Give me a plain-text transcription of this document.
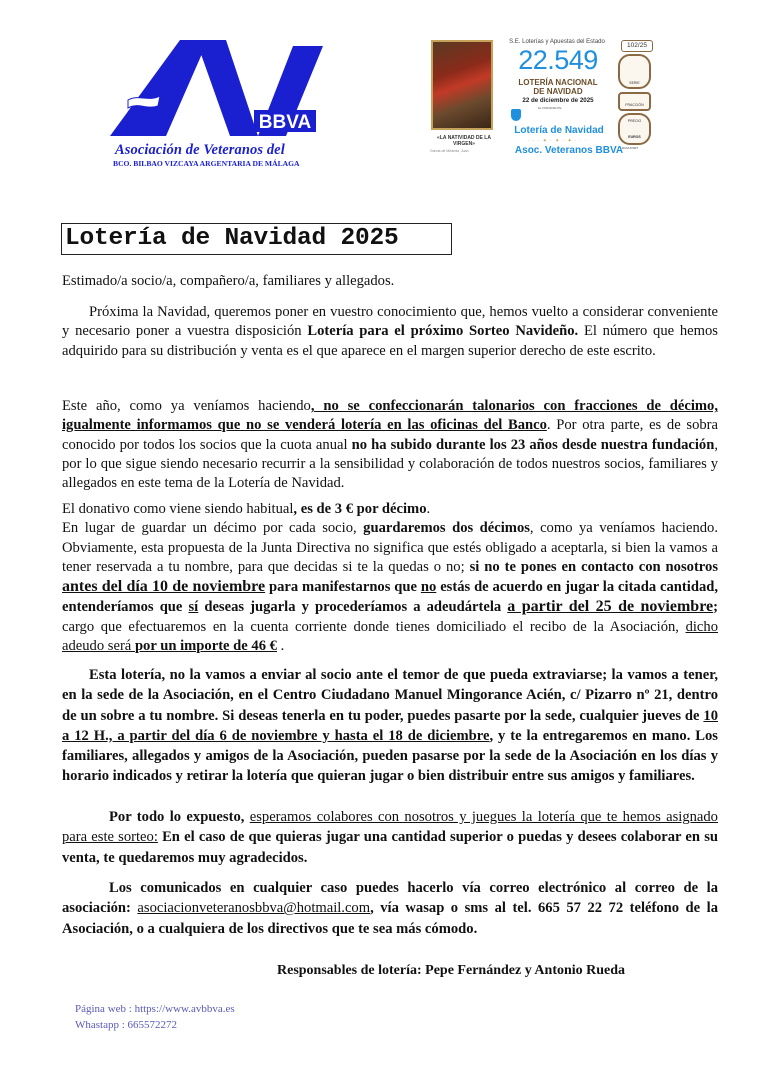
BBVA
Asociación de Veteranos del
BCO. BILBAO VIZCAYA ARGENTARIA DE MÁLAGA
«LA NATIVIDAD DE LA VIRGEN»
García de Miranda, Juan
S.E. Loterías y Apuestas del Estado
22.549
LOTERÍA NACIONAL
DE NAVIDAD
22 de diciembre de 2025
EL PRESIDENTE
Lotería de Navidad
· · · ✦ · ✦ · ✦ · · ·
Asoc. Veteranos BBVA
102/25
SERIE
FRACCIÓN
PRECIO
EUROS
RCM-FNMT
Lotería de Navidad 2025
Estimado/a socio/a, compañero/a, familiares y allegados.

Próxima la Navidad, queremos poner en vuestro conocimiento que, hemos vuelto a considerar conveniente y necesario poner a vuestra disposición Lotería para el próximo Sorteo Navideño. El número que hemos adquirido para su distribución y venta es el que aparece en el margen superior derecho de este escrito.

Este año, como ya veníamos haciendo, no se confeccionarán talonarios con fracciones de décimo, igualmente informamos que no se venderá lotería en las oficinas del Banco. Por otra parte, es de sobra conocido por todos los socios que la cuota anual no ha subido durante los 23 años desde nuestra fundación, por lo que sigue siendo necesario recurrir a la sensibilidad y colaboración de todos nuestros socios, familiares y allegados en este tema de la Lotería de Navidad.

El donativo como viene siendo habitual, es de 3 € por décimo.
En lugar de guardar un décimo por cada socio, guardaremos dos décimos, como ya veníamos haciendo. Obviamente, esta propuesta de la Junta Directiva no significa que estés obligado a aceptarla, si bien la vamos a tener reservada a tu nombre, para que decidas si te la quedas o no; si no te pones en contacto con nosotros antes del día 10 de noviembre para manifestarnos que no estás de acuerdo en jugar la citada cantidad, entenderíamos que sí deseas jugarla y procederíamos a adeudártela a partir del 25 de noviembre; cargo que efectuaremos en la cuenta corriente donde tienes domiciliado el recibo de la Asociación, dicho adeudo será por un importe de 46 € .

Esta lotería, no la vamos a enviar al socio ante el temor de que pueda extraviarse; la vamos a tener, en la sede de la Asociación, en el Centro Ciudadano Manuel Mingorance Acién, c/ Pizarro nº 21, dentro de un sobre a tu nombre. Si deseas tenerla en tu poder, puedes pasarte por la sede, cualquier jueves de 10 a 12 H., a partir del día 6 de noviembre y hasta el 18 de diciembre, y te la entregaremos en mano. Los familiares, allegados y amigos de la Asociación, pueden pasarse por la sede de la Asociación en los días y horario indicados y retirar la lotería que quieran jugar o bien distribuir entre sus amigos y familiares.

Por todo lo expuesto, esperamos colabores con nosotros y juegues la lotería que te hemos asignado para este sorteo: En el caso de que quieras jugar una cantidad superior o puedas y desees colaborar en su venta, te quedaremos muy agradecidos.

Los comunicados en cualquier caso puedes hacerlo vía correo electrónico al correo de la asociación: asociacionveteranosbbva@hotmail.com, vía wasap o sms al tel. 665 57 22 72 teléfono de la Asociación, o a cualquiera de los directivos que te sea más cómodo.

Responsables de lotería: Pepe Fernández y Antonio Rueda
Página web : https://www.avbbva.es
Whastapp : 665572272
